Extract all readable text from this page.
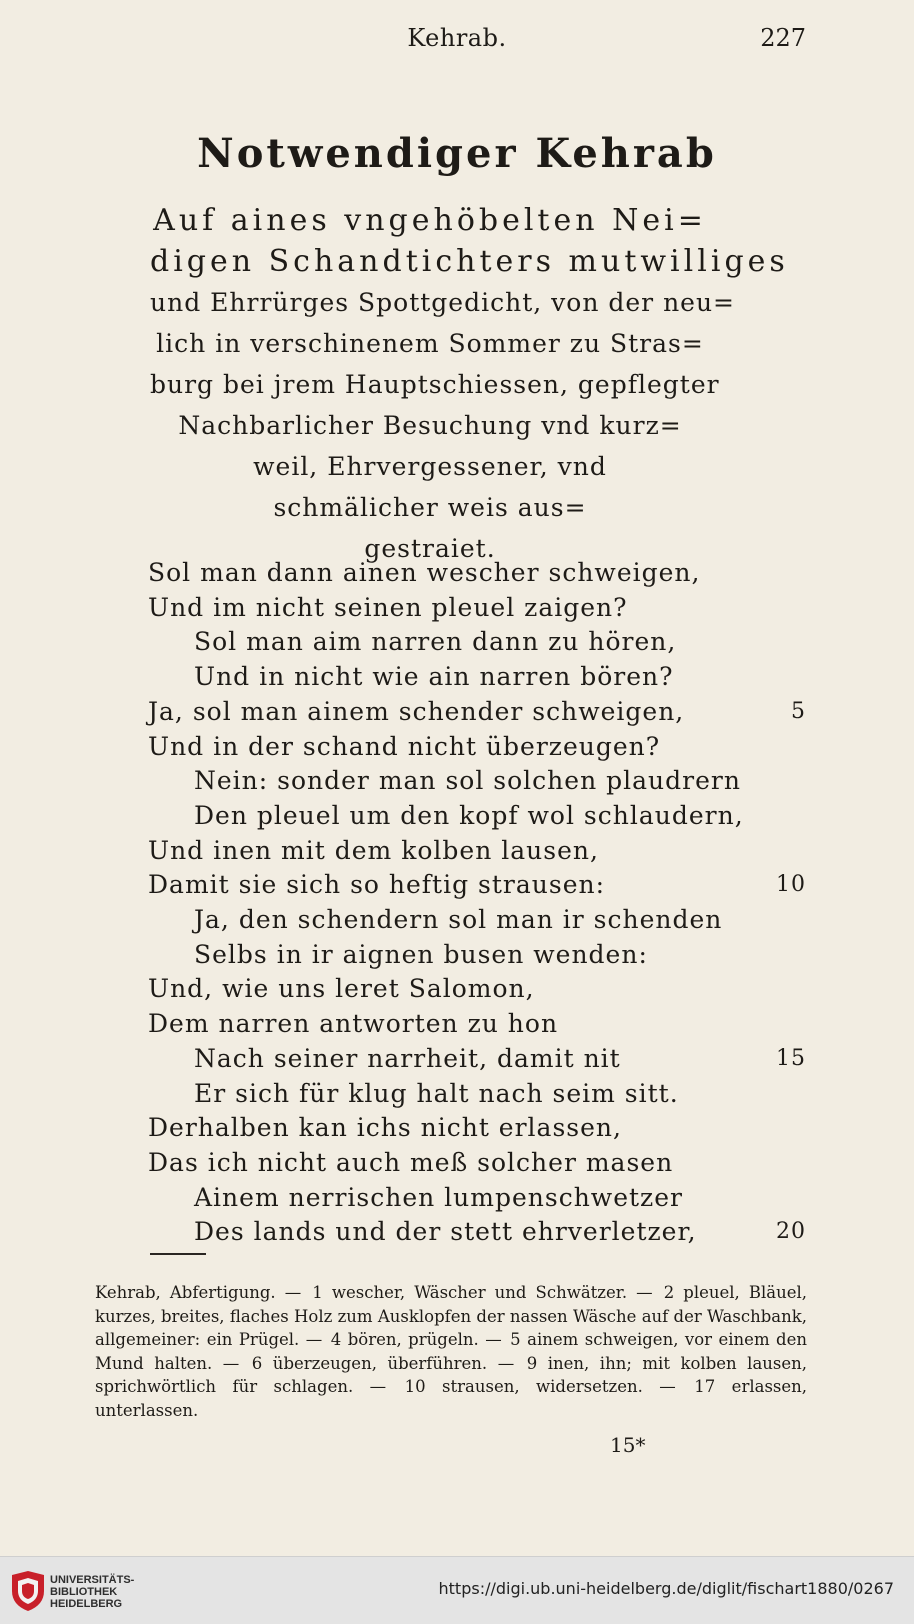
Kehrab.	227
Notwendiger Kehrab
Auf aines vngehöbelten Nei=
digen Schandtichters mutwilliges
und Ehrrürges Spottgedicht, von der neu=
lich in verschinenem Sommer zu Stras=
burg bei jrem Hauptschiessen, gepflegter
Nachbarlicher Besuchung vnd kurz=
weil, Ehrvergessener, vnd
schmälicher weis aus=
gestraiet.
Sol man dann ainen wescher schweigen,
Und im nicht seinen pleuel zaigen?
Sol man aim narren dann zu hören,
Und in nicht wie ain narren bören?
Ja, sol man ainem schender schweigen,	5
Und in der schand nicht überzeugen?
Nein: sonder man sol solchen plaudrern
Den pleuel um den kopf wol schlaudern,
Und inen mit dem kolben lausen,
Damit sie sich so heftig strausen:	10
Ja, den schendern sol man ir schenden
Selbs in ir aignen busen wenden:
Und, wie uns leret Salomon,
Dem narren antworten zu hon
Nach seiner narrheit, damit nit	15
Er sich für klug halt nach seim sitt.
Derhalben kan ichs nicht erlassen,
Das ich nicht auch meß solcher masen
Ainem nerrischen lumpenschwetzer
Des lands und der stett ehrverletzer,	20

Kehrab, Abfertigung. — 1 wescher, Wäscher und Schwätzer. — 2 pleuel, Bläuel, kurzes, breites, flaches Holz zum Ausklopfen der nassen Wäsche auf der Waschbank, allgemeiner: ein Prügel. — 4 bören, prügeln. — 5 ainem schweigen, vor einem den Mund halten. — 6 überzeugen, überführen. — 9 inen, ihn; mit kolben lausen, sprichwörtlich für schlagen. — 10 strausen, widersetzen. — 17 erlassen, unterlassen.

15*
UNIVERSITÄTS-
BIBLIOTHEK
HEIDELBERG
https://digi.ub.uni-heidelberg.de/diglit/fischart1880/0267
